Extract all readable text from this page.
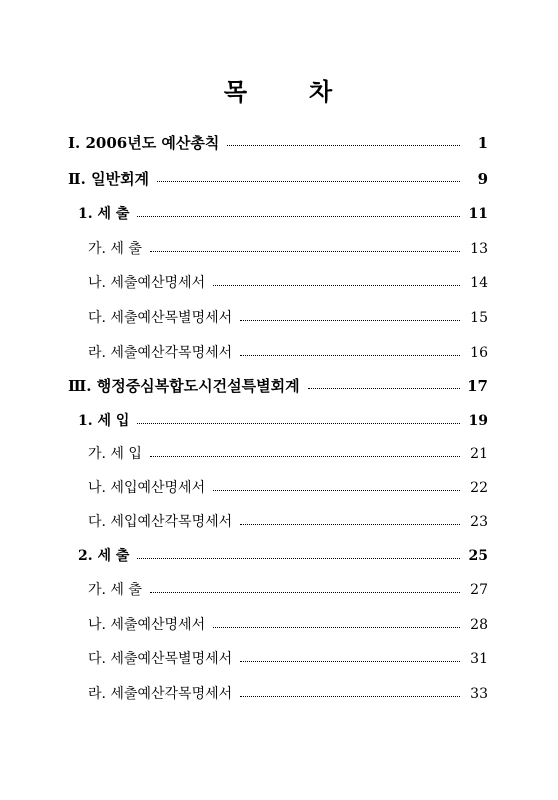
목	차
Ⅰ. 2006년도 예산총칙	1
Ⅱ. 일반회계	9
1. 세 출	11
가. 세 출	13
나. 세출예산명세서	14
다. 세출예산목별명세서	15
라. 세출예산각목명세서	16
Ⅲ. 행정중심복합도시건설특별회계	17
1. 세 입	19
가. 세 입	21
나. 세입예산명세서	22
다. 세입예산각목명세서	23
2. 세 출	25
가. 세 출	27
나. 세출예산명세서	28
다. 세출예산목별명세서	31
라. 세출예산각목명세서	33
